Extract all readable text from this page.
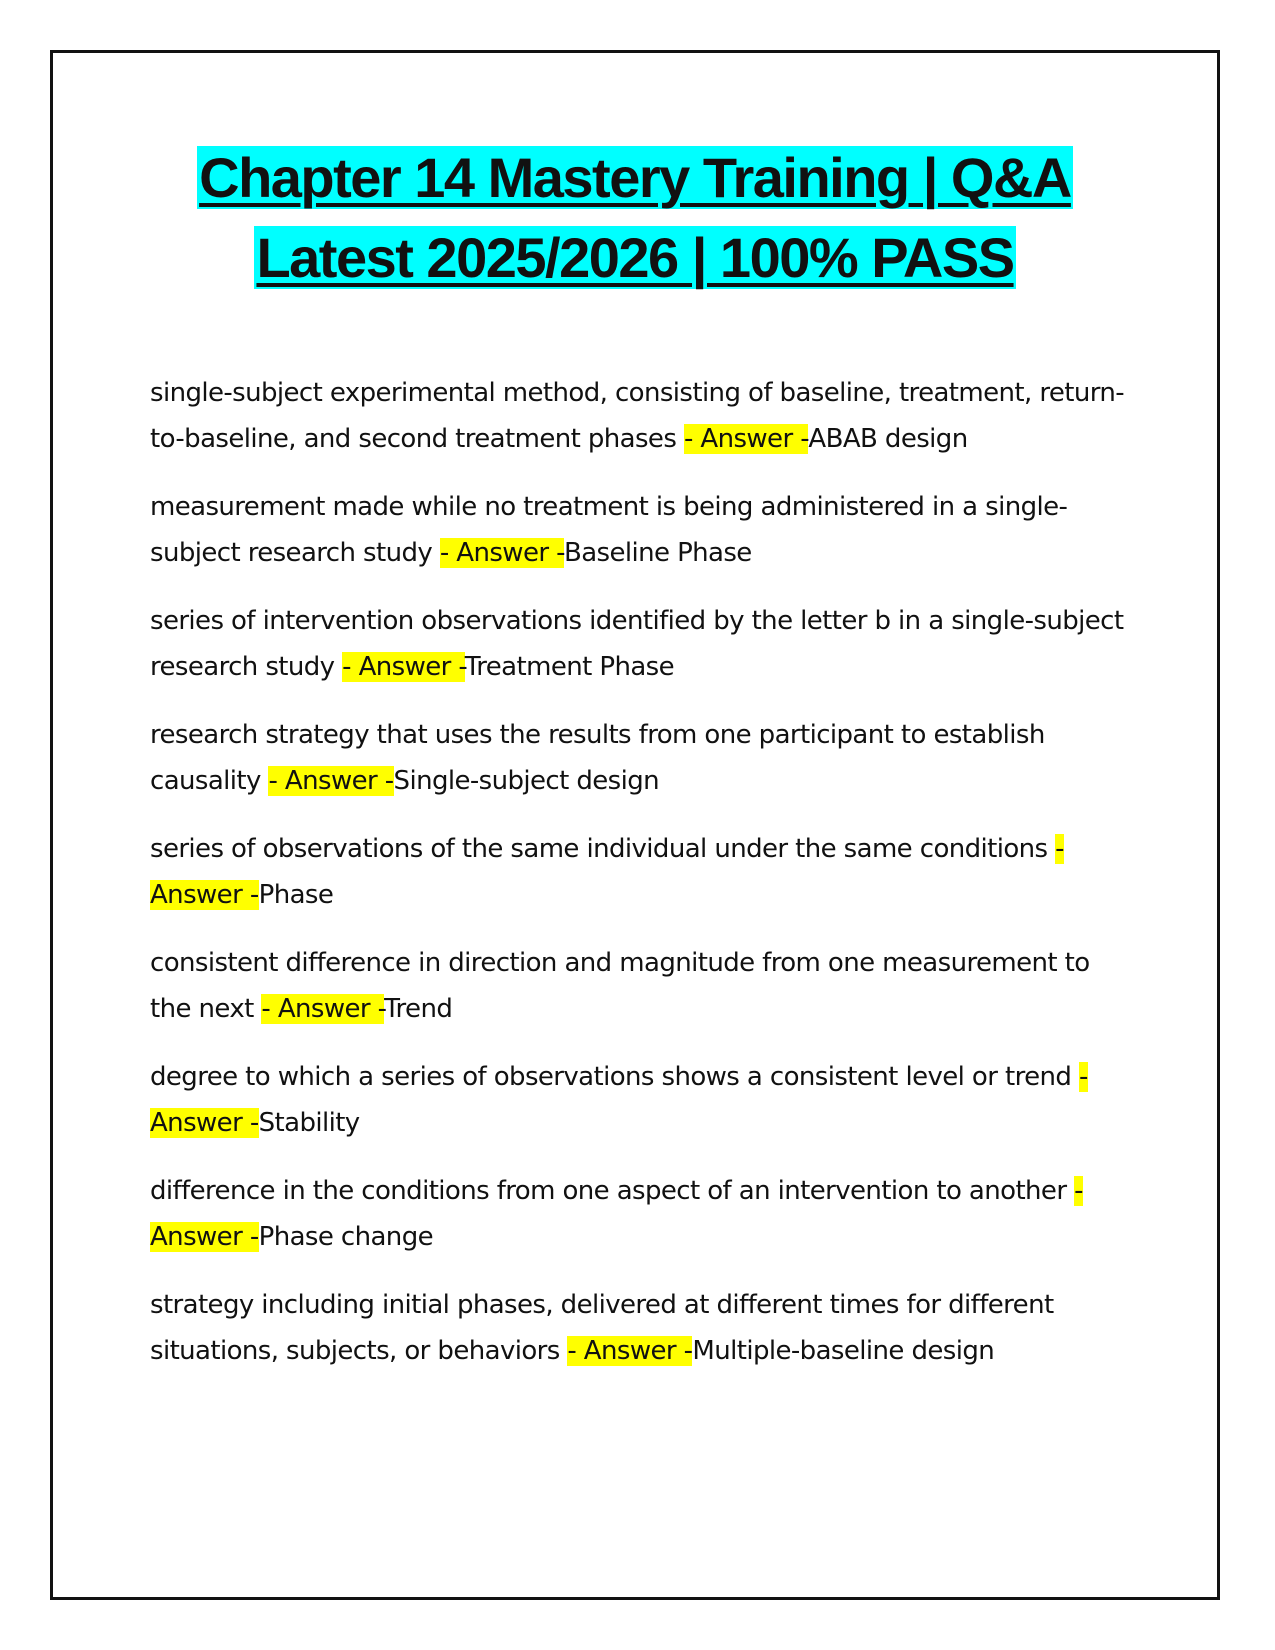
Chapter 14 Mastery Training | Q&A
Latest 2025/2026 | 100% PASS

single-subject experimental method, consisting of baseline, treatment, return-to-baseline, and second treatment phases - Answer -ABAB design

measurement made while no treatment is being administered in a single-subject research study - Answer -Baseline Phase

series of intervention observations identified by the letter b in a single-subject research study - Answer -Treatment Phase

research strategy that uses the results from one participant to establish causality - Answer -Single-subject design

series of observations of the same individual under the same conditions - Answer -Phase

consistent difference in direction and magnitude from one measurement to the next - Answer -Trend

degree to which a series of observations shows a consistent level or trend - Answer -Stability

difference in the conditions from one aspect of an intervention to another - Answer -Phase change

strategy including initial phases, delivered at different times for different situations, subjects, or behaviors - Answer -Multiple-baseline design
